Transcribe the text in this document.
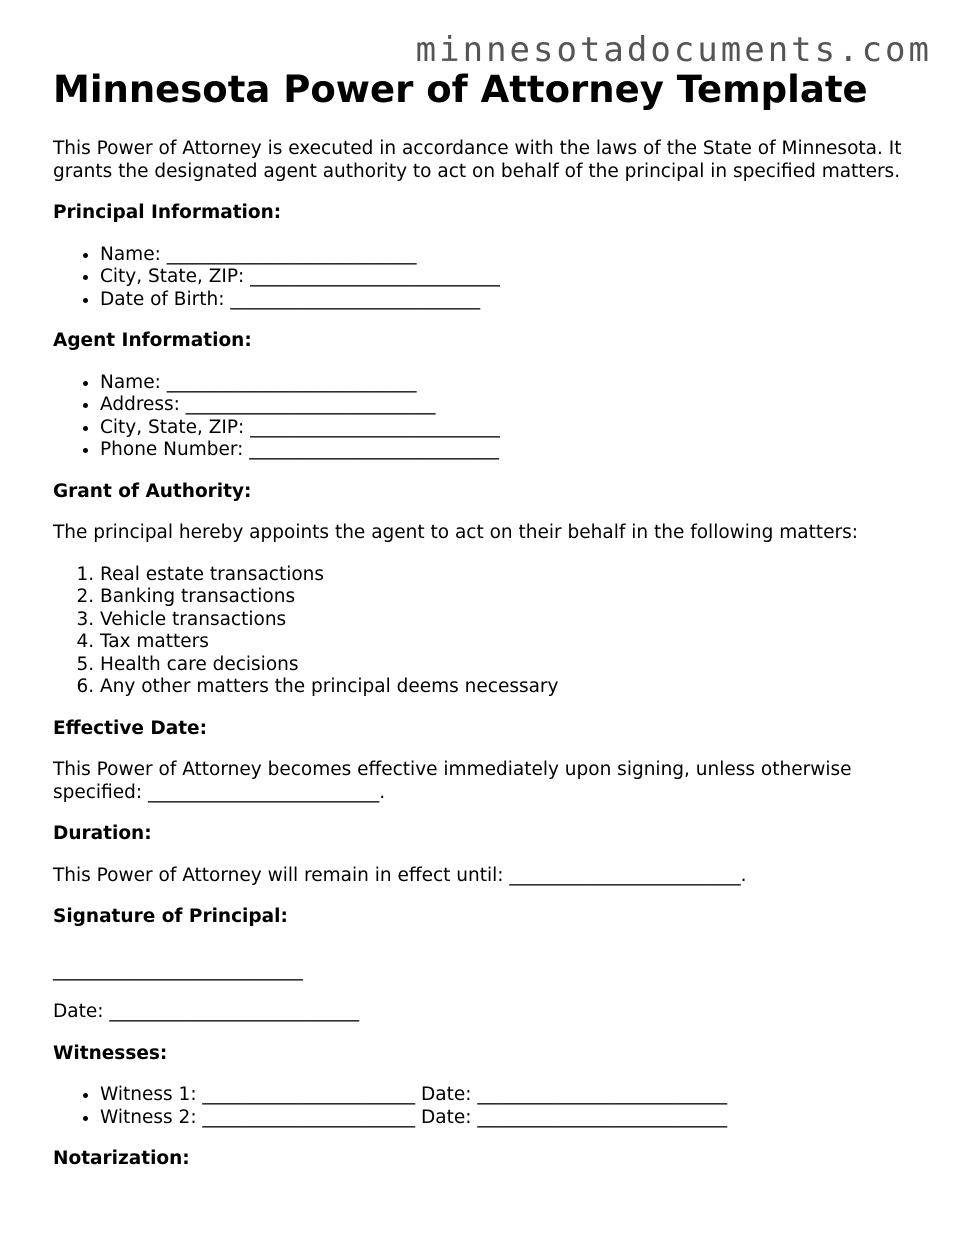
minnesotadocuments.com
Minnesota Power of Attorney Template

This Power of Attorney is executed in accordance with the laws of the State of Minnesota. It grants the designated agent authority to act on behalf of the principal in specified matters.

Principal Information:

• Name: ___________________________
• City, State, ZIP: ___________________________
• Date of Birth: ___________________________

Agent Information:

• Name: ___________________________
• Address: ___________________________
• City, State, ZIP: ___________________________
• Phone Number: ___________________________

Grant of Authority:

The principal hereby appoints the agent to act on their behalf in the following matters:

1. Real estate transactions
2. Banking transactions
3. Vehicle transactions
4. Tax matters
5. Health care decisions
6. Any other matters the principal deems necessary

Effective Date:

This Power of Attorney becomes effective immediately upon signing, unless otherwise specified: _________________________.

Duration:

This Power of Attorney will remain in effect until: _________________________.

Signature of Principal:

___________________________

Date: ___________________________

Witnesses:

• Witness 1: _______________________ Date: ___________________________
• Witness 2: _______________________ Date: ___________________________

Notarization:
